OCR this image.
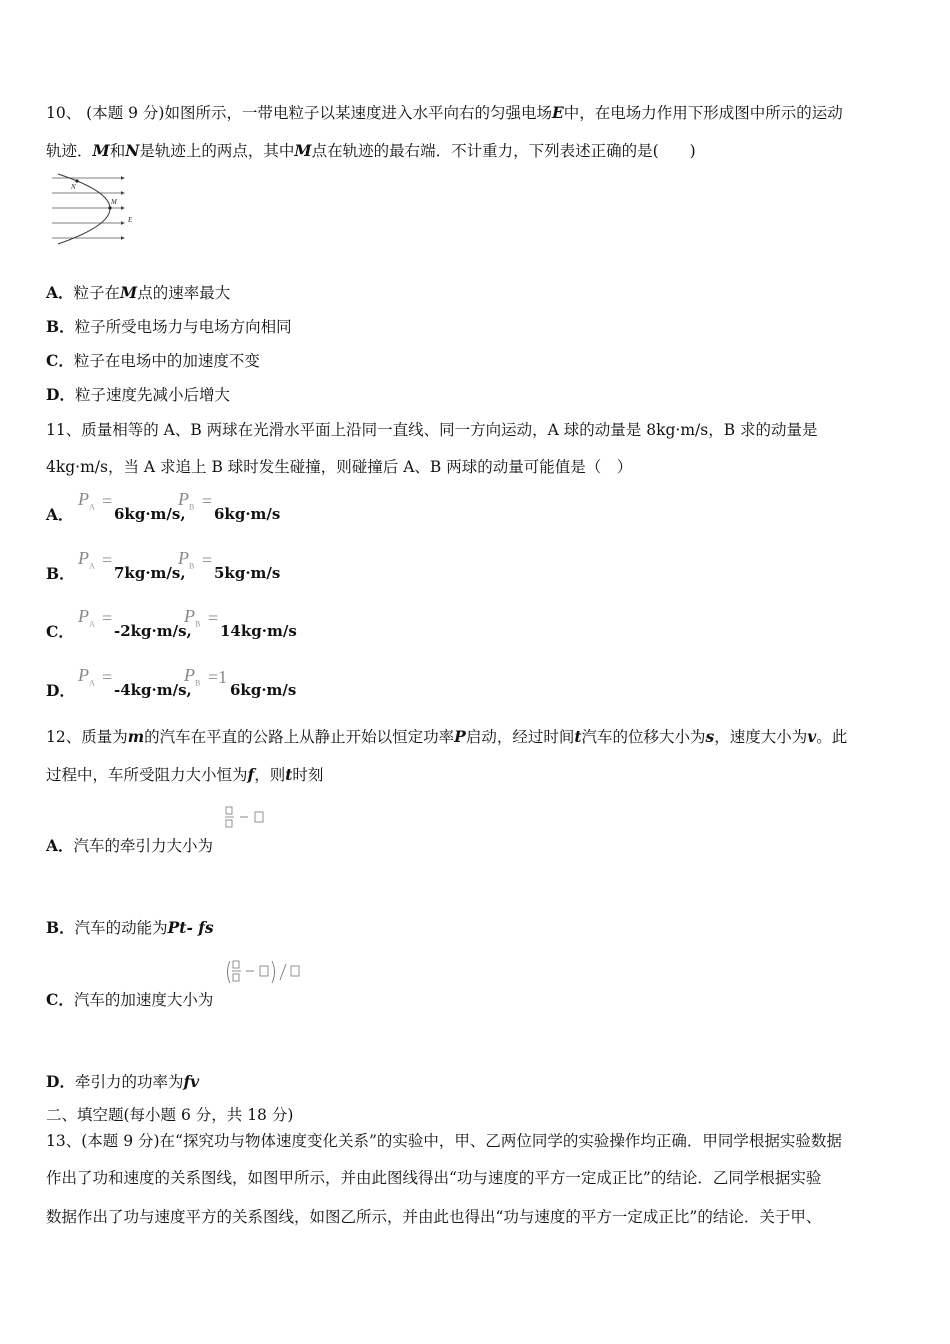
10、 (本题 9 分)如图所示，一带电粒子以某速度进入水平向右的匀强电场E中，在电场力作用下形成图中所示的运动
轨迹．M和N是轨迹上的两点，其中M点在轨迹的最右端．不计重力，下列表述正确的是(　　)
N
M
E
A．粒子在M点的速率最大
B．粒子所受电场力与电场方向相同
C．粒子在电场中的加速度不变
D．粒子速度先减小后增大
11、质量相等的 A、B 两球在光滑水平面上沿同一直线、同一方向运动，A 球的动量是 8kg·m/s，B 求的动量是
4kg·m/s，当 A 求追上 B 球时发生碰撞，则碰撞后 A、B 两球的动量可能值是（　）
A．
$P_A$ =
6kg·m/s,
$P_B$ =
6kg·m/s
B．
$P_A$ =
7kg·m/s,
$P_B$ =
5kg·m/s
C．
$P_A$ =
-2kg·m/s,
$P_B$ =
14kg·m/s
D．
$P_A$ =
-4kg·m/s,
$P_B =1$
6kg·m/s
12、质量为m的汽车在平直的公路上从静止开始以恒定功率P启动，经过时间t汽车的位移大小为s，速度大小为v。此
过程中，车所受阻力大小恒为f，则t时刻
A．汽车的牵引力大小为
B．汽车的动能为Pt- fs
C．汽车的加速度大小为
D．牵引力的功率为fv
二、填空题(每小题 6 分，共 18 分)
13、(本题 9 分)在“探究功与物体速度变化关系”的实验中，甲、乙两位同学的实验操作均正确．甲同学根据实验数据
作出了功和速度的关系图线，如图甲所示，并由此图线得出“功与速度的平方一定成正比”的结论．乙同学根据实验
数据作出了功与速度平方的关系图线，如图乙所示，并由此也得出“功与速度的平方一定成正比”的结论．关于甲、
